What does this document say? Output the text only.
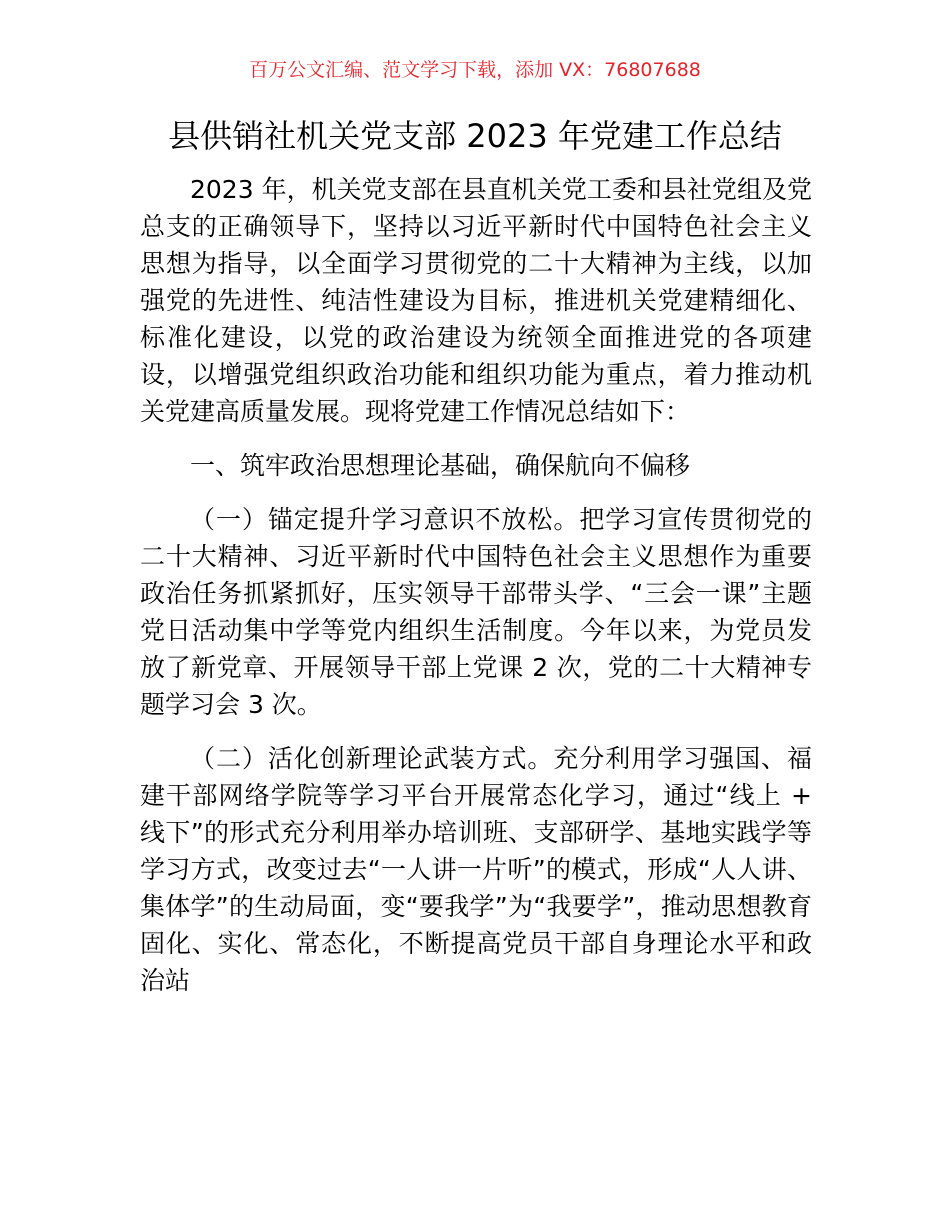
百万公文汇编、范文学习下载，添加 VX：76807688
县供销社机关党支部 2023 年党建工作总结

2023 年，机关党支部在县直机关党工委和县社党组及党总支的正确领导下，坚持以习近平新时代中国特色社会主义思想为指导，以全面学习贯彻党的二十大精神为主线，以加强党的先进性、纯洁性建设为目标，推进机关党建精细化、标准化建设，以党的政治建设为统领全面推进党的各项建设，以增强党组织政治功能和组织功能为重点，着力推动机关党建高质量发展。现将党建工作情况总结如下：

一、筑牢政治思想理论基础，确保航向不偏移

（一）锚定提升学习意识不放松。把学习宣传贯彻党的二十大精神、习近平新时代中国特色社会主义思想作为重要政治任务抓紧抓好，压实领导干部带头学、“三会一课”主题党日活动集中学等党内组织生活制度。今年以来，为党员发放了新党章、开展领导干部上党课 2 次，党的二十大精神专题学习会 3 次。

（二）活化创新理论武装方式。充分利用学习强国、福建干部网络学院等学习平台开展常态化学习，通过“线上 + 线下”的形式充分利用举办培训班、支部研学、基地实践学等学习方式，改变过去“一人讲一片听”的模式，形成“人人讲、集体学”的生动局面，变“要我学”为“我要学”，推动思想教育固化、实化、常态化，不断提高党员干部自身理论水平和政治站
